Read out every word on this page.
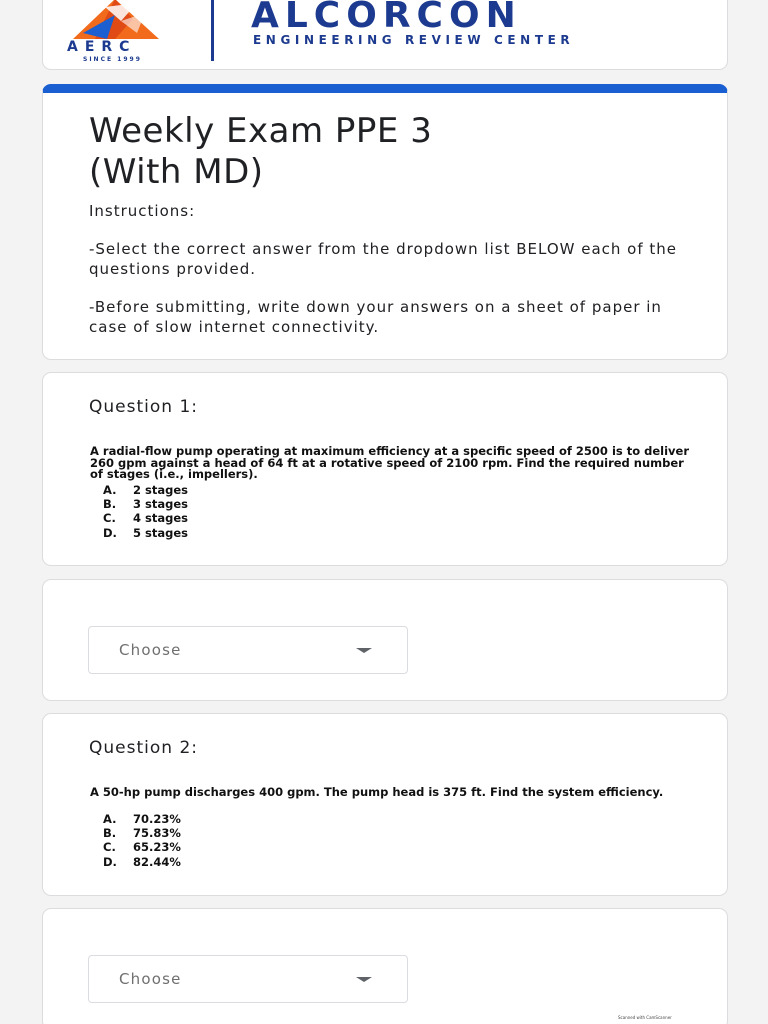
AERC
SINCE 1999
ALCORCON
ENGINEERING REVIEW CENTER
Weekly Exam PPE 3
(With MD)
Instructions:
-Select the correct answer from the dropdown list BELOW each of the questions provided.
-Before submitting, write down your answers on a sheet of paper in case of slow internet connectivity.
Question 1:
A radial-flow pump operating at maximum efficiency at a specific speed of 2500 is to deliver 260 gpm against a head of 64 ft at a rotative speed of 2100 rpm. Find the required number of stages (i.e., impellers).
A. 2 stages
B. 3 stages
C. 4 stages
D. 5 stages
Choose
Question 2:
A 50-hp pump discharges 400 gpm. The pump head is 375 ft. Find the system efficiency.
A. 70.23%
B. 75.83%
C. 65.23%
D. 82.44%
Choose
Scanned with CamScanner
